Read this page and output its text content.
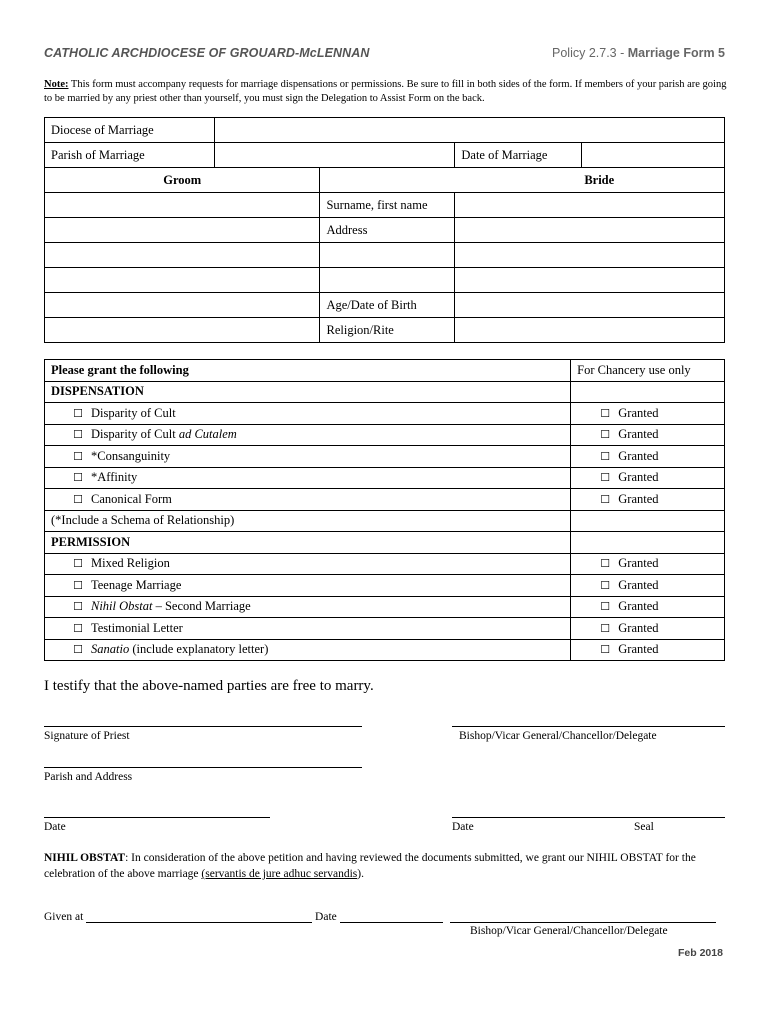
CATHOLIC ARCHDIOCESE OF GROUARD-McLENNAN	Policy 2.7.3 - Marriage Form 5
Note: This form must accompany requests for marriage dispensations or permissions. Be sure to fill in both sides of the form. If members of your parish are going to be married by any priest other than yourself, you must sign the Delegation to Assist Form on the back.
Diocese of Marriage				
Parish of Marriage			Date of Marriage	
Groom		Bride		
		Surname, first name		
		Address		

		Age/Date of Birth		
		Religion/Rite		
Please grant the following	For Chancery use only
DISPENSATION	
☐ Disparity of Cult	☐ Granted
☐ Disparity of Cult ad Cutalem	☐ Granted
☐ *Consanguinity	☐ Granted
☐ *Affinity	☐ Granted
☐ Canonical Form	☐ Granted
(*Include a Schema of Relationship)	
PERMISSION	
☐ Mixed Religion	☐ Granted
☐ Teenage Marriage	☐ Granted
☐ Nihil Obstat – Second Marriage	☐ Granted
☐ Testimonial Letter	☐ Granted
☐ Sanatio (include explanatory letter)	☐ Granted
I testify that the above-named parties are free to marry.
Signature of Priest	Bishop/Vicar General/Chancellor/Delegate
Parish and Address
Date	Date	Seal
NIHIL OBSTAT: In consideration of the above petition and having reviewed the documents submitted, we grant our NIHIL OBSTAT for the celebration of the above marriage (servantis de jure adhuc servandis).
Given at	Date
Bishop/Vicar General/Chancellor/Delegate
Feb 2018
